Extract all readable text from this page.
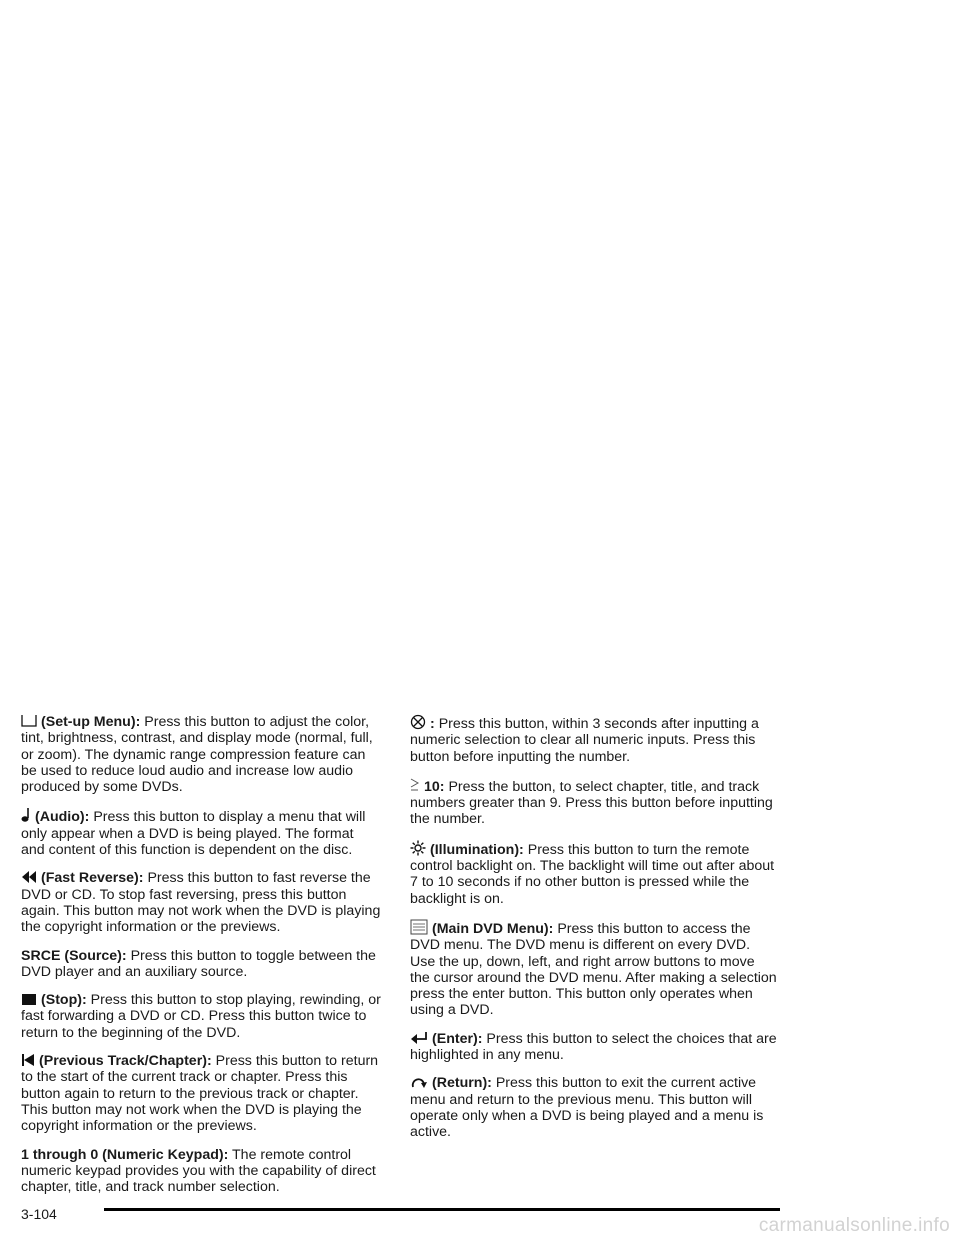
(Set-up Menu): Press this button to adjust the color, tint, brightness, contrast, and display mode (normal, full, or zoom). The dynamic range compression feature can be used to reduce loud audio and increase low audio produced by some DVDs.

(Audio): Press this button to display a menu that will only appear when a DVD is being played. The format and content of this function is dependent on the disc.

(Fast Reverse): Press this button to fast reverse the DVD or CD. To stop fast reversing, press this button again. This button may not work when the DVD is playing the copyright information or the previews.

SRCE (Source): Press this button to toggle between the DVD player and an auxiliary source.

(Stop): Press this button to stop playing, rewinding, or fast forwarding a DVD or CD. Press this button twice to return to the beginning of the DVD.

(Previous Track/Chapter): Press this button to return to the start of the current track or chapter. Press this button again to return to the previous track or chapter. This button may not work when the DVD is playing the copyright information or the previews.

1 through 0 (Numeric Keypad): The remote control numeric keypad provides you with the capability of direct chapter, title, and track number selection.

: Press this button, within 3 seconds after inputting a numeric selection to clear all numeric inputs. Press this button before inputting the number.

10: Press the button, to select chapter, title, and track numbers greater than 9. Press this button before inputting the number.

(Illumination): Press this button to turn the remote control backlight on. The backlight will time out after about 7 to 10 seconds if no other button is pressed while the backlight is on.

(Main DVD Menu): Press this button to access the DVD menu. The DVD menu is different on every DVD. Use the up, down, left, and right arrow buttons to move the cursor around the DVD menu. After making a selection press the enter button. This button only operates when using a DVD.

(Enter): Press this button to select the choices that are highlighted in any menu.

(Return): Press this button to exit the current active menu and return to the previous menu. This button will operate only when a DVD is being played and a menu is active.

3-104
carmanualsonline.info
